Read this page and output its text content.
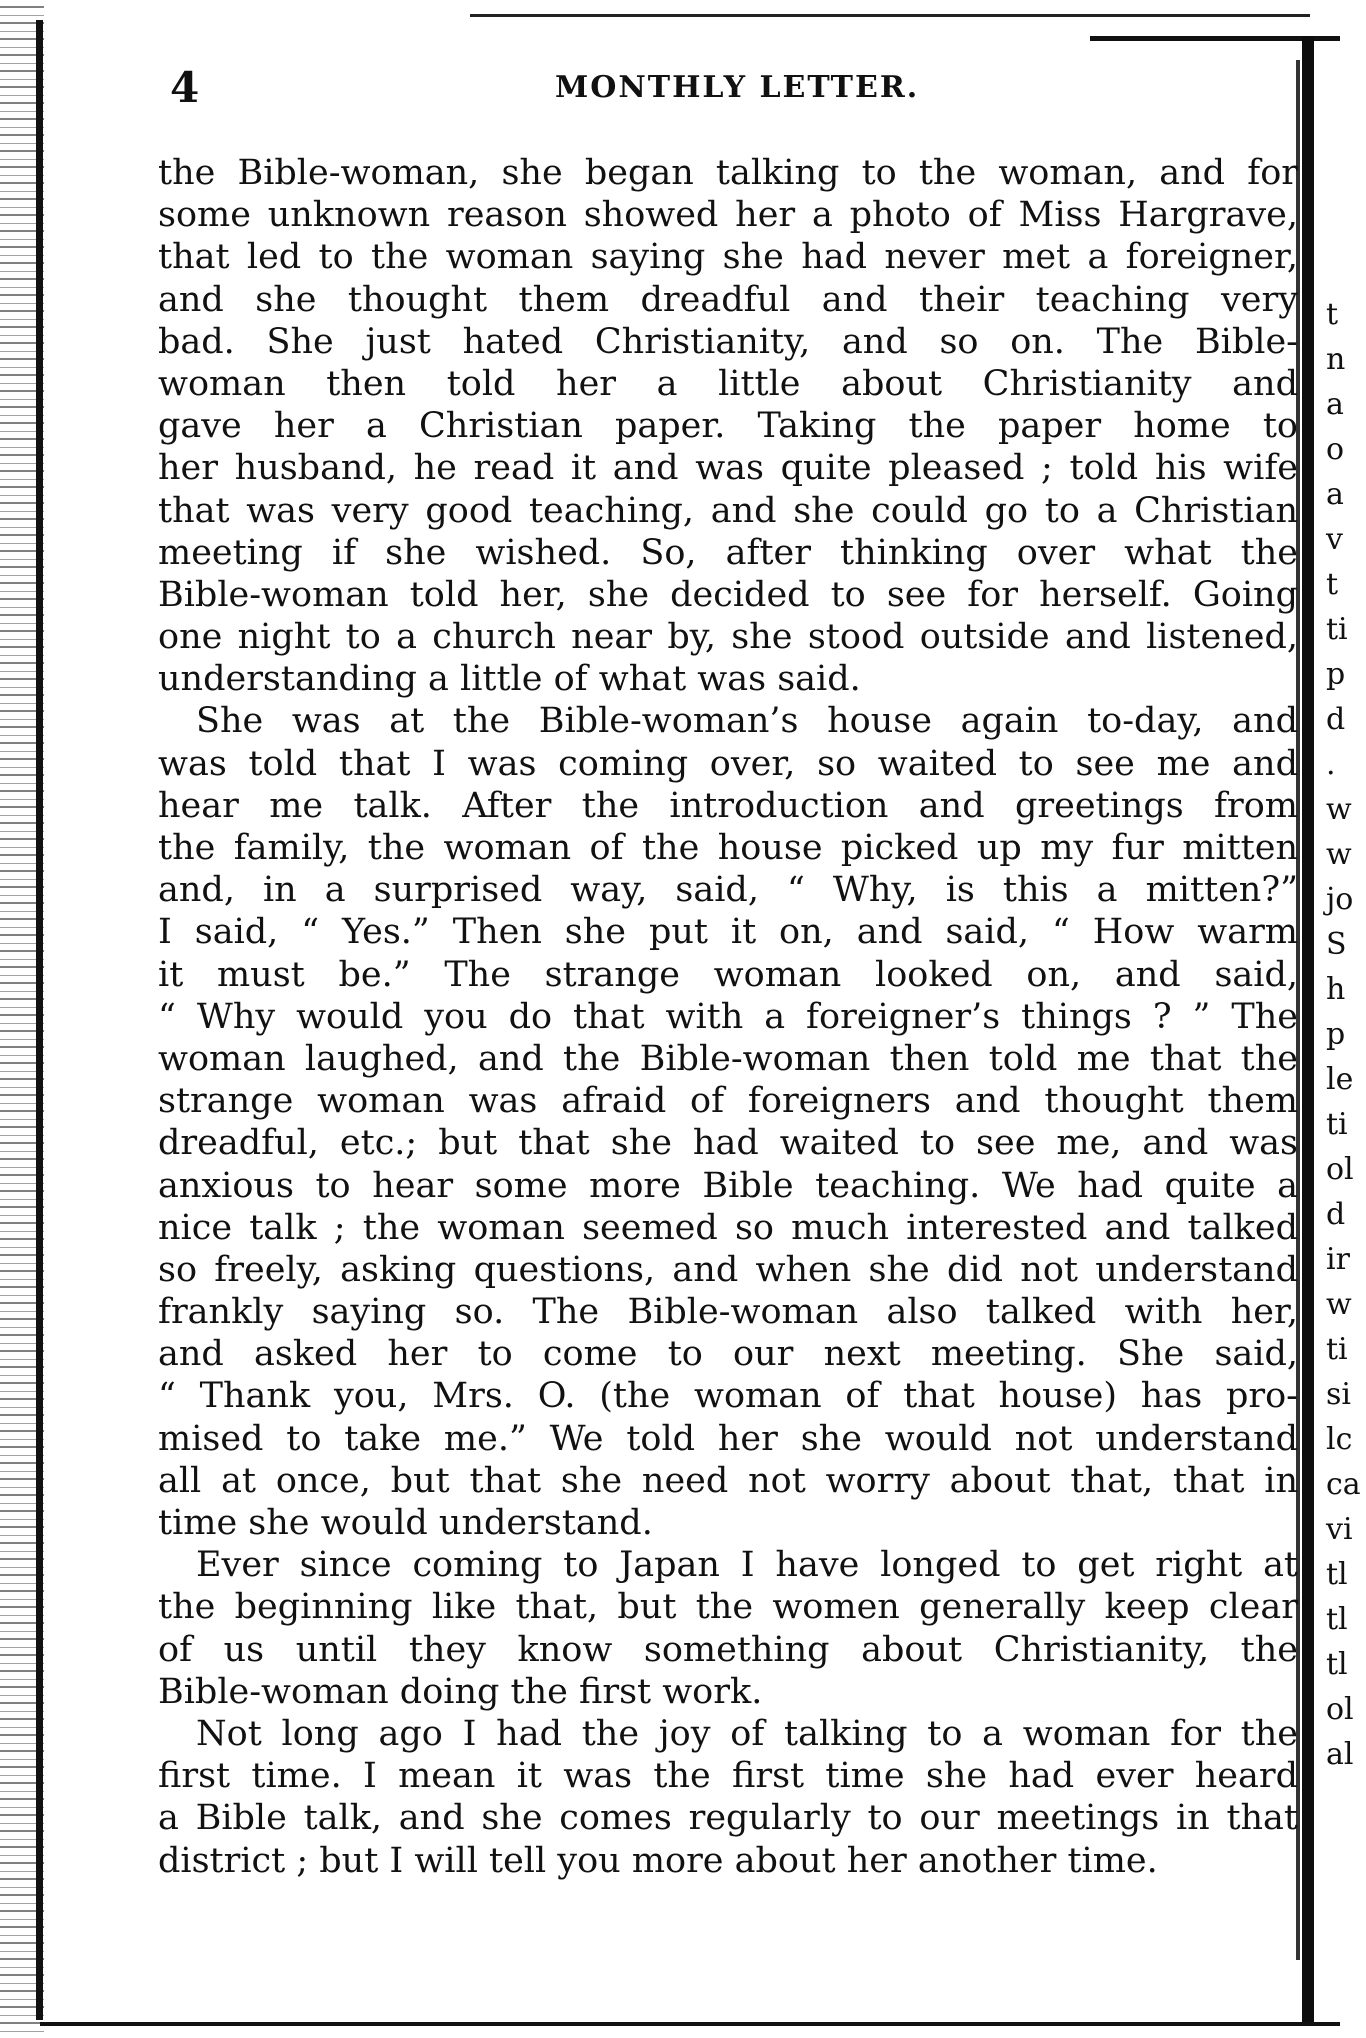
4	MONTHLY LETTER.
the Bible-woman, she began talking to the woman, and for
some unknown reason showed her a photo of Miss Hargrave,
that led to the woman saying she had never met a foreigner,
and she thought them dreadful and their teaching very
bad. She just hated Christianity, and so on. The Bible-
woman then told her a little about Christianity and
gave her a Christian paper. Taking the paper home to
her husband, he read it and was quite pleased ; told his wife
that was very good teaching, and she could go to a Christian
meeting if she wished. So, after thinking over what the
Bible-woman told her, she decided to see for herself. Going
one night to a church near by, she stood outside and listened,
understanding a little of what was said.
She was at the Bible-woman’s house again to-day, and
was told that I was coming over, so waited to see me and
hear me talk. After the introduction and greetings from
the family, the woman of the house picked up my fur mitten
and, in a surprised way, said, “ Why, is this a mitten?”
I said, “ Yes.” Then she put it on, and said, “ How warm
it must be.” The strange woman looked on, and said,
“ Why would you do that with a foreigner’s things ? ” The
woman laughed, and the Bible-woman then told me that the
strange woman was afraid of foreigners and thought them
dreadful, etc.; but that she had waited to see me, and was
anxious to hear some more Bible teaching. We had quite a
nice talk ; the woman seemed so much interested and talked
so freely, asking questions, and when she did not understand
frankly saying so. The Bible-woman also talked with her,
and asked her to come to our next meeting. She said,
“ Thank you, Mrs. O. (the woman of that house) has pro-
mised to take me.” We told her she would not understand
all at once, but that she need not worry about that, that in
time she would understand.
Ever since coming to Japan I have longed to get right at
the beginning like that, but the women generally keep clear
of us until they know something about Christianity, the
Bible-woman doing the first work.
Not long ago I had the joy of talking to a woman for the
first time. I mean it was the first time she had ever heard
a Bible talk, and she comes regularly to our meetings in that
district ; but I will tell you more about her another time.
t
n
a
o
a
v
t
ti
p
d
.
w
w
jo
S
h
p
le
ti
ol
d
ir
w
ti
si
lc
ca
vi
tl
tl
tl
ol
al
